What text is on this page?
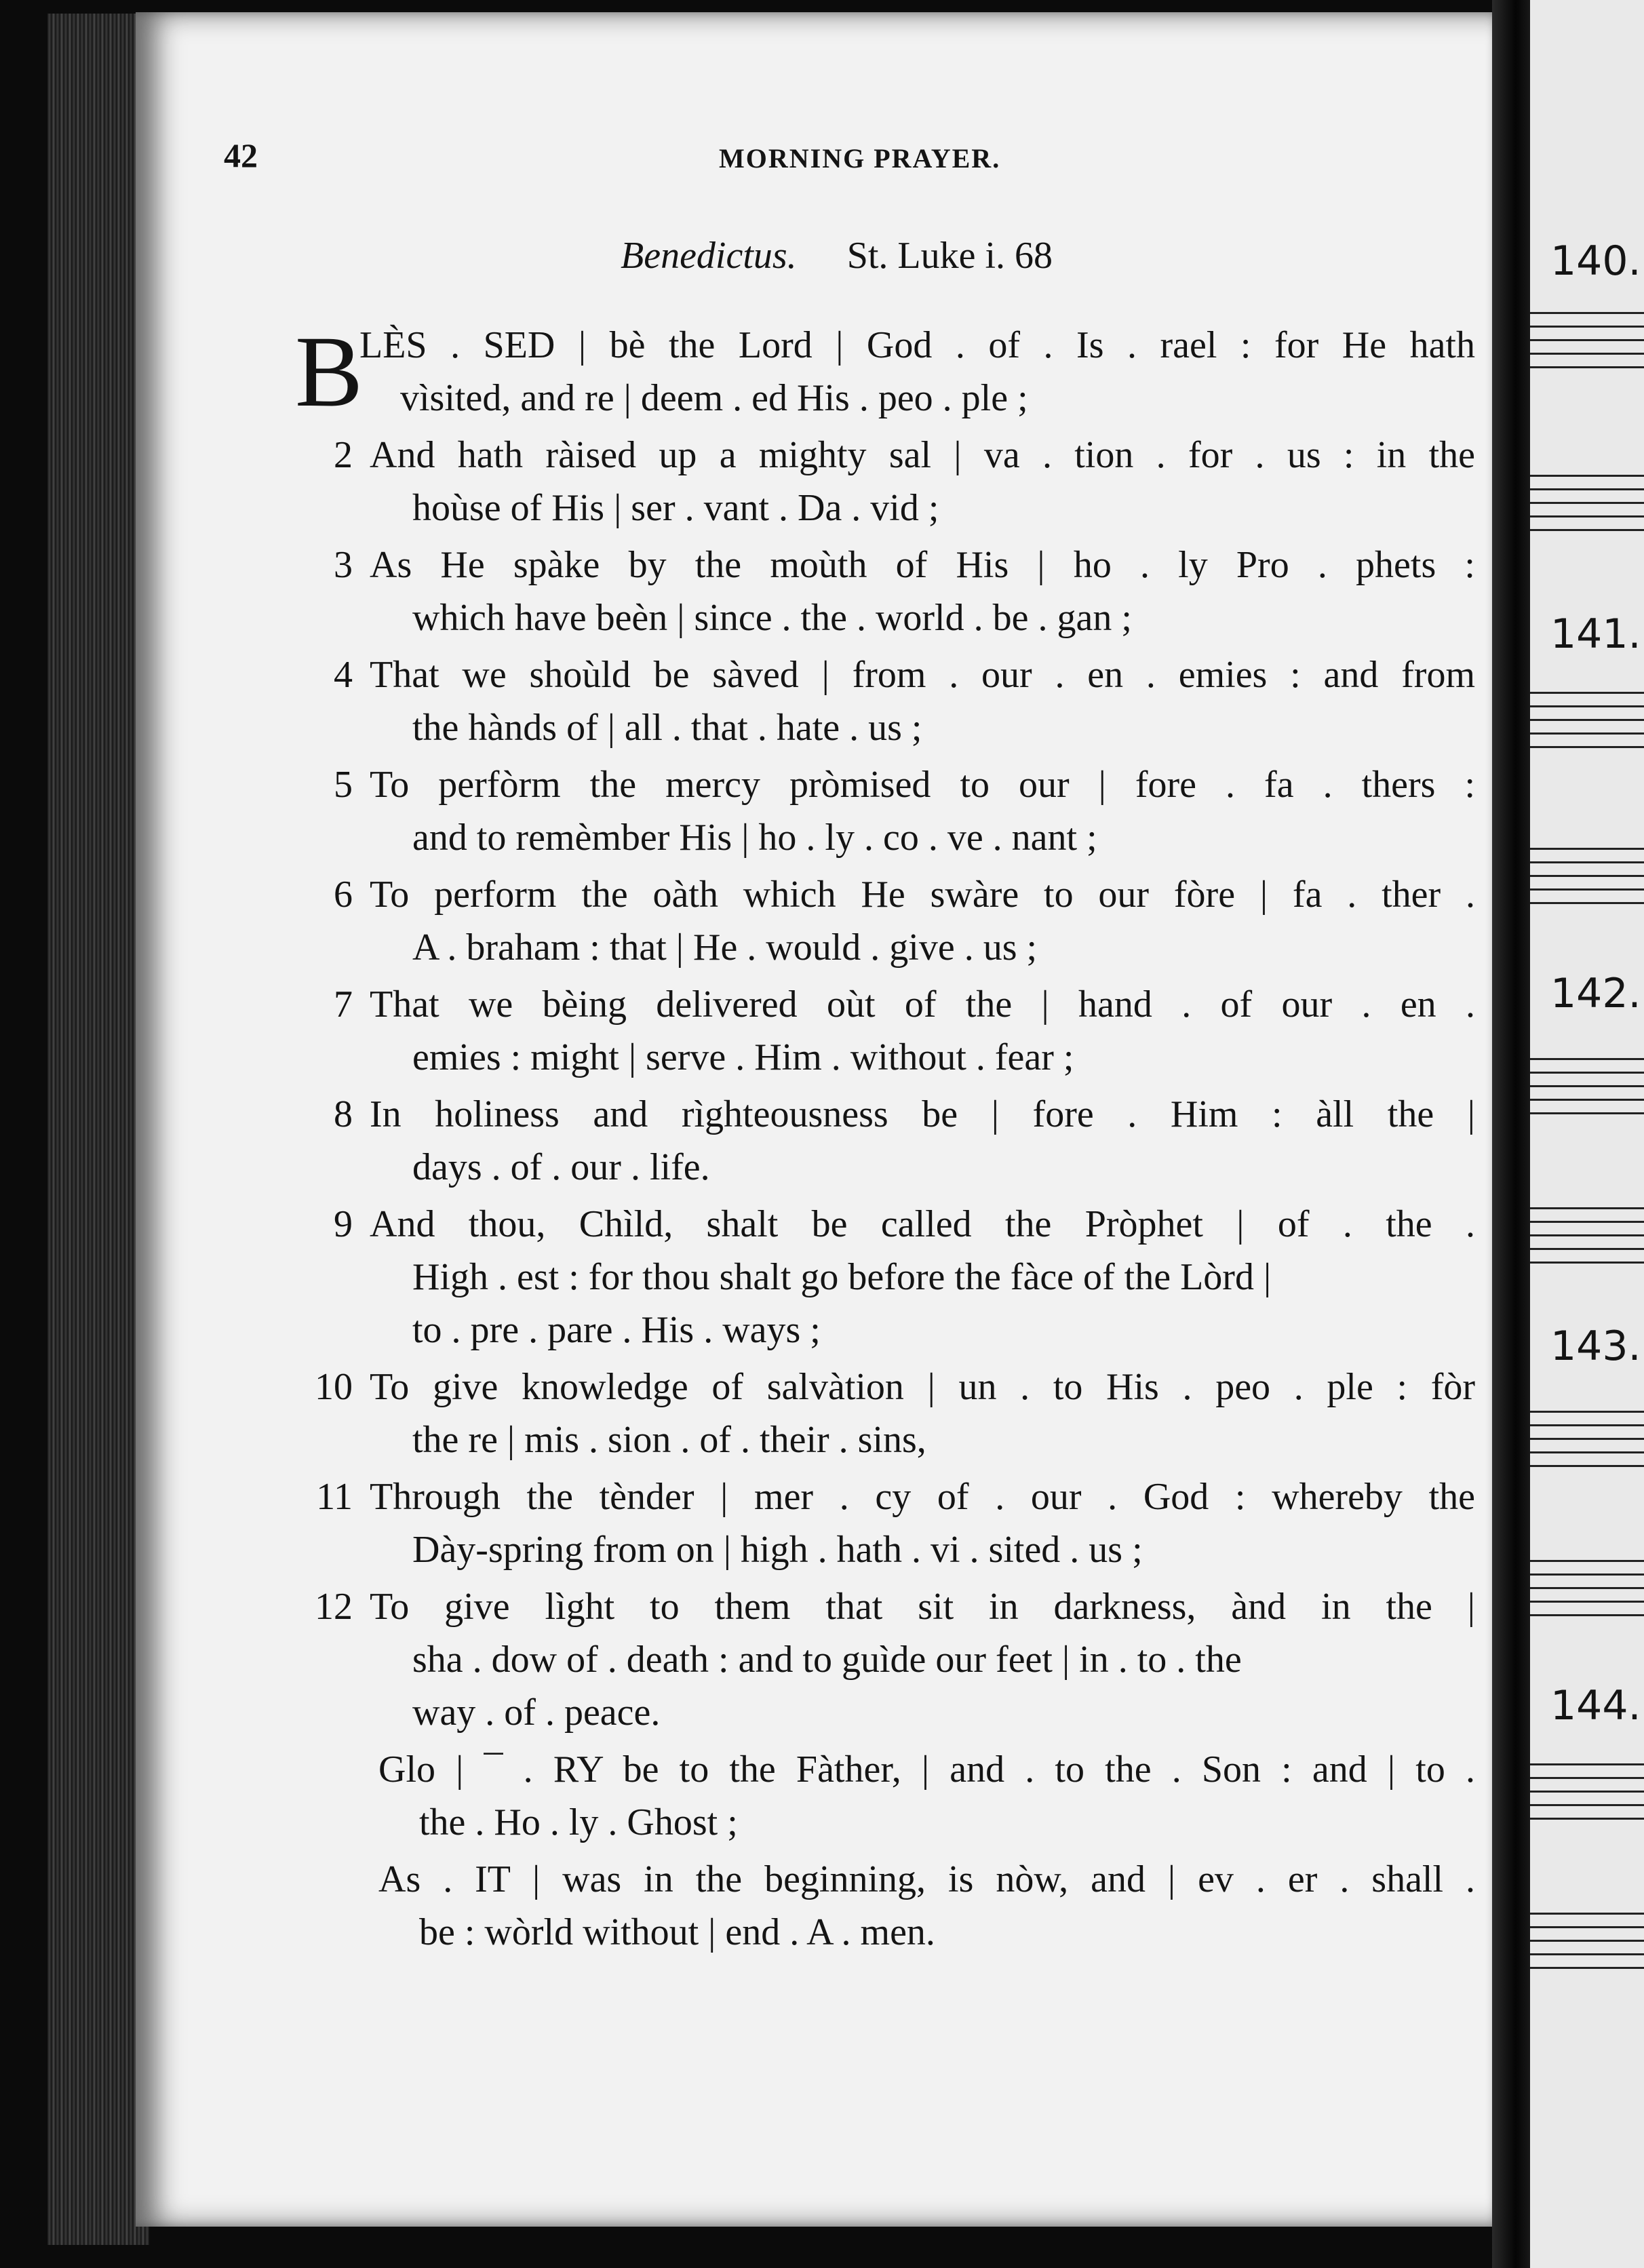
140.
141.
142.
143.
144.
42	MORNING PRAYER.
Benedictus. St. Luke i. 68
B
LÈS . SED | bè the Lord | God . of . Is . rael : for He hath
vìsited, and re | deem . ed His . peo . ple ;
2 And hath ràised up a mighty sal | va . tion . for . us : in the
hoùse of His | ser . vant . Da . vid ;
3 As He spàke by the moùth of His | ho . ly Pro . phets :
which have beèn | since . the . world . be . gan ;
4 That we shoùld be sàved | from . our . en . emies : and from
the hànds of | all . that . hate . us ;
5 To perfòrm the mercy pròmised to our | fore . fa . thers :
and to remèmber His | ho . ly . co . ve . nant ;
6 To perform the oàth which He swàre to our fòre | fa . ther .
A . braham : that | He . would . give . us ;
7 That we bèing delivered oùt of the | hand . of our . en .
emies : might | serve . Him . without . fear ;
8 In holiness and rìghteousness be | fore . Him : àll the |
days . of . our . life.
9 And thou, Chìld, shalt be called the Pròphet | of . the .
High . est : for thou shalt go before the fàce of the Lòrd |
to . pre . pare . His . ways ;
10 To give knowledge of salvàtion | un . to His . peo . ple : fòr
the re | mis . sion . of . their . sins,
11 Through the tènder | mer . cy of . our . God : whereby the
Dày-spring from on | high . hath . vi . sited . us ;
12 To give lìght to them that sit in darkness, ànd in the |
sha . dow of . death : and to guìde our feet | in . to . the
way . of . peace.
Glo | ¯ . RY be to the Fàther, | and . to the . Son : and | to .
the . Ho . ly . Ghost ;
As . IT | was in the beginning, is nòw, and | ev . er . shall .
be : wòrld without | end . A . men.
